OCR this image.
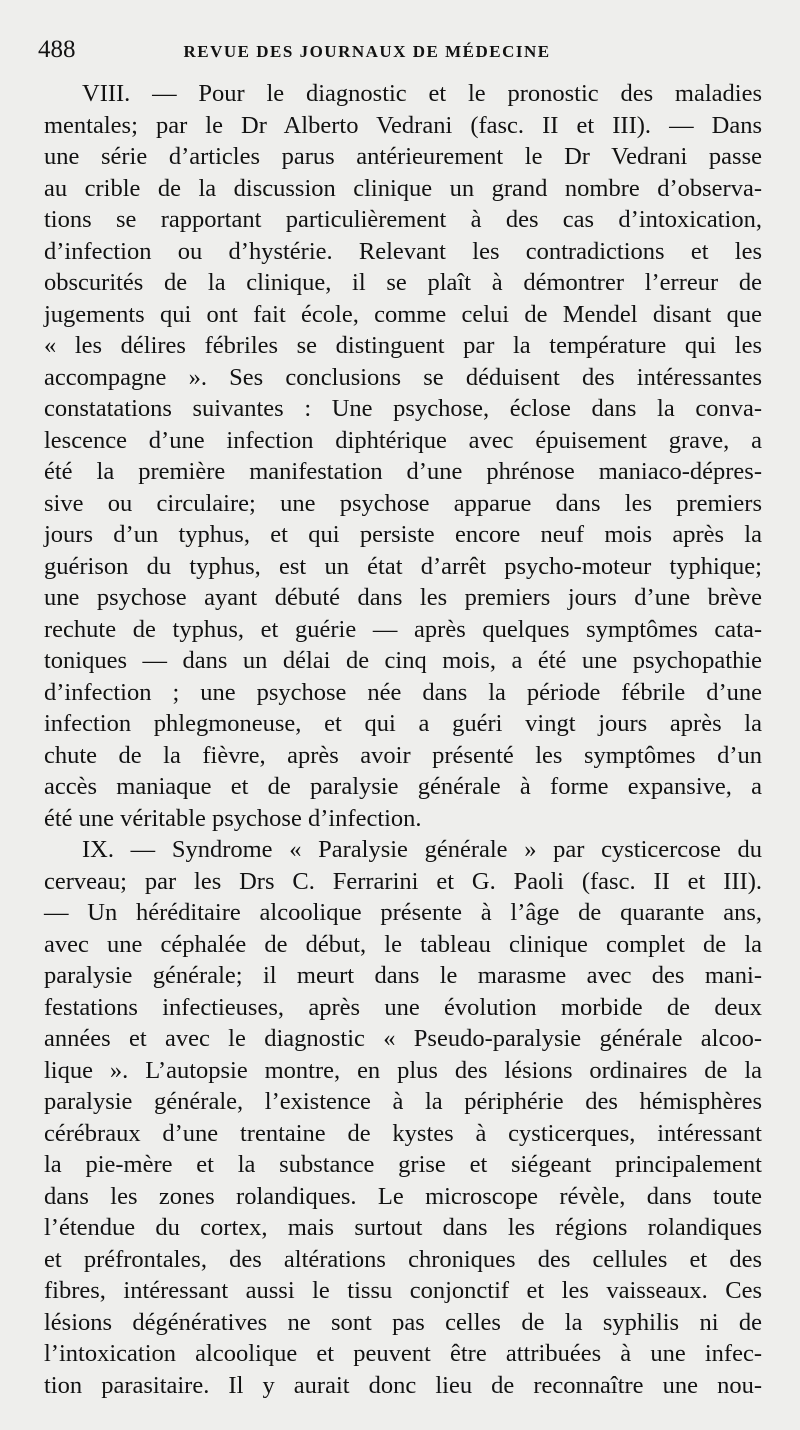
488	REVUE DES JOURNAUX DE MÉDECINE
VIII. — Pour le diagnostic et le pronostic des maladies
mentales; par le Dr Alberto Vedrani (fasc. II et III). — Dans
une série d’articles parus antérieurement le Dr Vedrani passe
au crible de la discussion clinique un grand nombre d’observa-
tions se rapportant particulièrement à des cas d’intoxication,
d’infection ou d’hystérie. Relevant les contradictions et les
obscurités de la clinique, il se plaît à démontrer l’erreur de
jugements qui ont fait école, comme celui de Mendel disant que
« les délires fébriles se distinguent par la température qui les
accompagne ». Ses conclusions se déduisent des intéressantes
constatations suivantes : Une psychose, éclose dans la conva-
lescence d’une infection diphtérique avec épuisement grave, a
été la première manifestation d’une phrénose maniaco-dépres-
sive ou circulaire; une psychose apparue dans les premiers
jours d’un typhus, et qui persiste encore neuf mois après la
guérison du typhus, est un état d’arrêt psycho-moteur typhique;
une psychose ayant débuté dans les premiers jours d’une brève
rechute de typhus, et guérie — après quelques symptômes cata-
toniques — dans un délai de cinq mois, a été une psychopathie
d’infection ; une psychose née dans la période fébrile d’une
infection phlegmoneuse, et qui a guéri vingt jours après la
chute de la fièvre, après avoir présenté les symptômes d’un
accès maniaque et de paralysie générale à forme expansive, a
été une véritable psychose d’infection.
IX. — Syndrome « Paralysie générale » par cysticercose du
cerveau; par les Drs C. Ferrarini et G. Paoli (fasc. II et III).
— Un héréditaire alcoolique présente à l’âge de quarante ans,
avec une céphalée de début, le tableau clinique complet de la
paralysie générale; il meurt dans le marasme avec des mani-
festations infectieuses, après une évolution morbide de deux
années et avec le diagnostic « Pseudo-paralysie générale alcoo-
lique ». L’autopsie montre, en plus des lésions ordinaires de la
paralysie générale, l’existence à la périphérie des hémisphères
cérébraux d’une trentaine de kystes à cysticerques, intéressant
la pie-mère et la substance grise et siégeant principalement
dans les zones rolandiques. Le microscope révèle, dans toute
l’étendue du cortex, mais surtout dans les régions rolandiques
et préfrontales, des altérations chroniques des cellules et des
fibres, intéressant aussi le tissu conjonctif et les vaisseaux. Ces
lésions dégénératives ne sont pas celles de la syphilis ni de
l’intoxication alcoolique et peuvent être attribuées à une infec-
tion parasitaire. Il y aurait donc lieu de reconnaître une nou-
